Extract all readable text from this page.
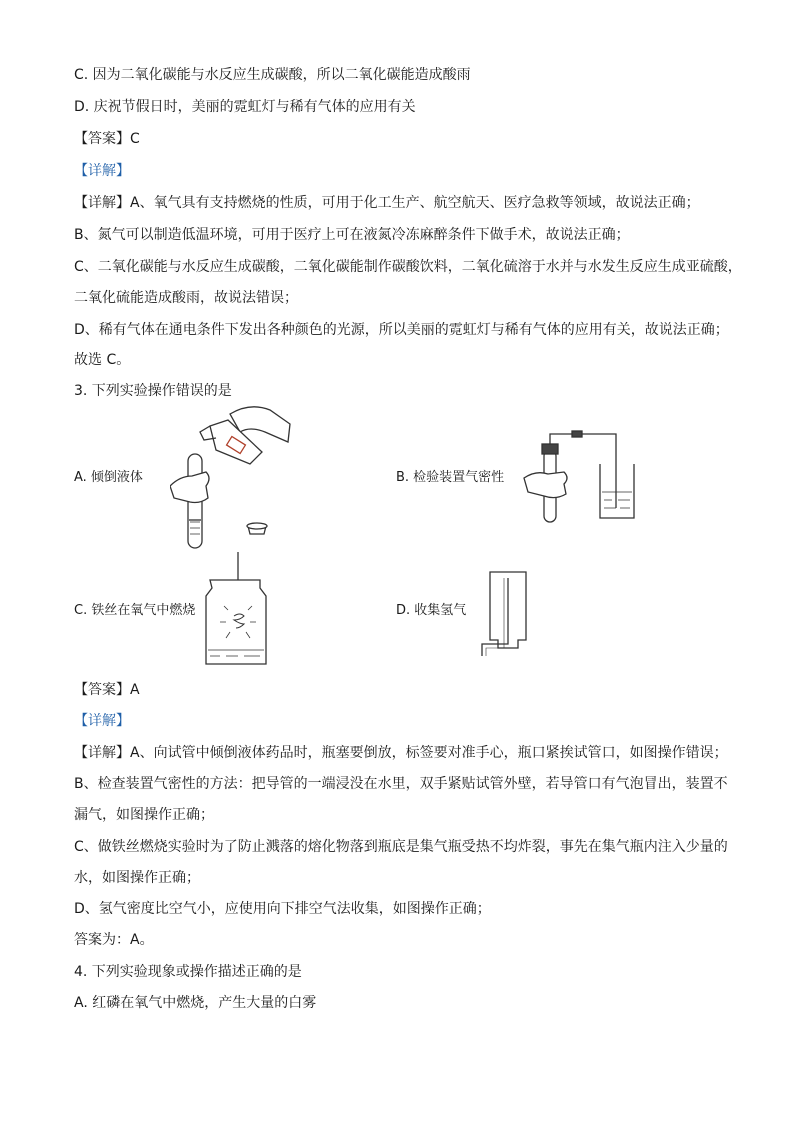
C. 因为二氧化碳能与水反应生成碳酸，所以二氧化碳能造成酸雨
D. 庆祝节假日时，美丽的霓虹灯与稀有气体的应用有关
【答案】C
【详解】
【详解】A、氧气具有支持燃烧的性质，可用于化工生产、航空航天、医疗急救等领域，故说法正确；
B、氮气可以制造低温环境，可用于医疗上可在液氮冷冻麻醉条件下做手术，故说法正确；
C、二氧化碳能与水反应生成碳酸，二氧化碳能制作碳酸饮料，二氧化硫溶于水并与水发生反应生成亚硫酸，
二氧化硫能造成酸雨，故说法错误；
D、稀有气体在通电条件下发出各种颜色的光源，所以美丽的霓虹灯与稀有气体的应用有关，故说法正确；
故选 C。
3. 下列实验操作错误的是
A. 倾倒液体	B. 检验装置气密性
C. 铁丝在氧气中燃烧	D. 收集氢气
【答案】A
【详解】
【详解】A、向试管中倾倒液体药品时，瓶塞要倒放，标签要对准手心，瓶口紧挨试管口，如图操作错误；
B、检查装置气密性的方法：把导管的一端浸没在水里，双手紧贴试管外壁，若导管口有气泡冒出，装置不
漏气，如图操作正确；
C、做铁丝燃烧实验时为了防止溅落的熔化物落到瓶底是集气瓶受热不均炸裂，事先在集气瓶内注入少量的
水，如图操作正确；
D、氢气密度比空气小，应使用向下排空气法收集，如图操作正确；
答案为：A。
4. 下列实验现象或操作描述正确的是
A. 红磷在氧气中燃烧，产生大量的白雾
